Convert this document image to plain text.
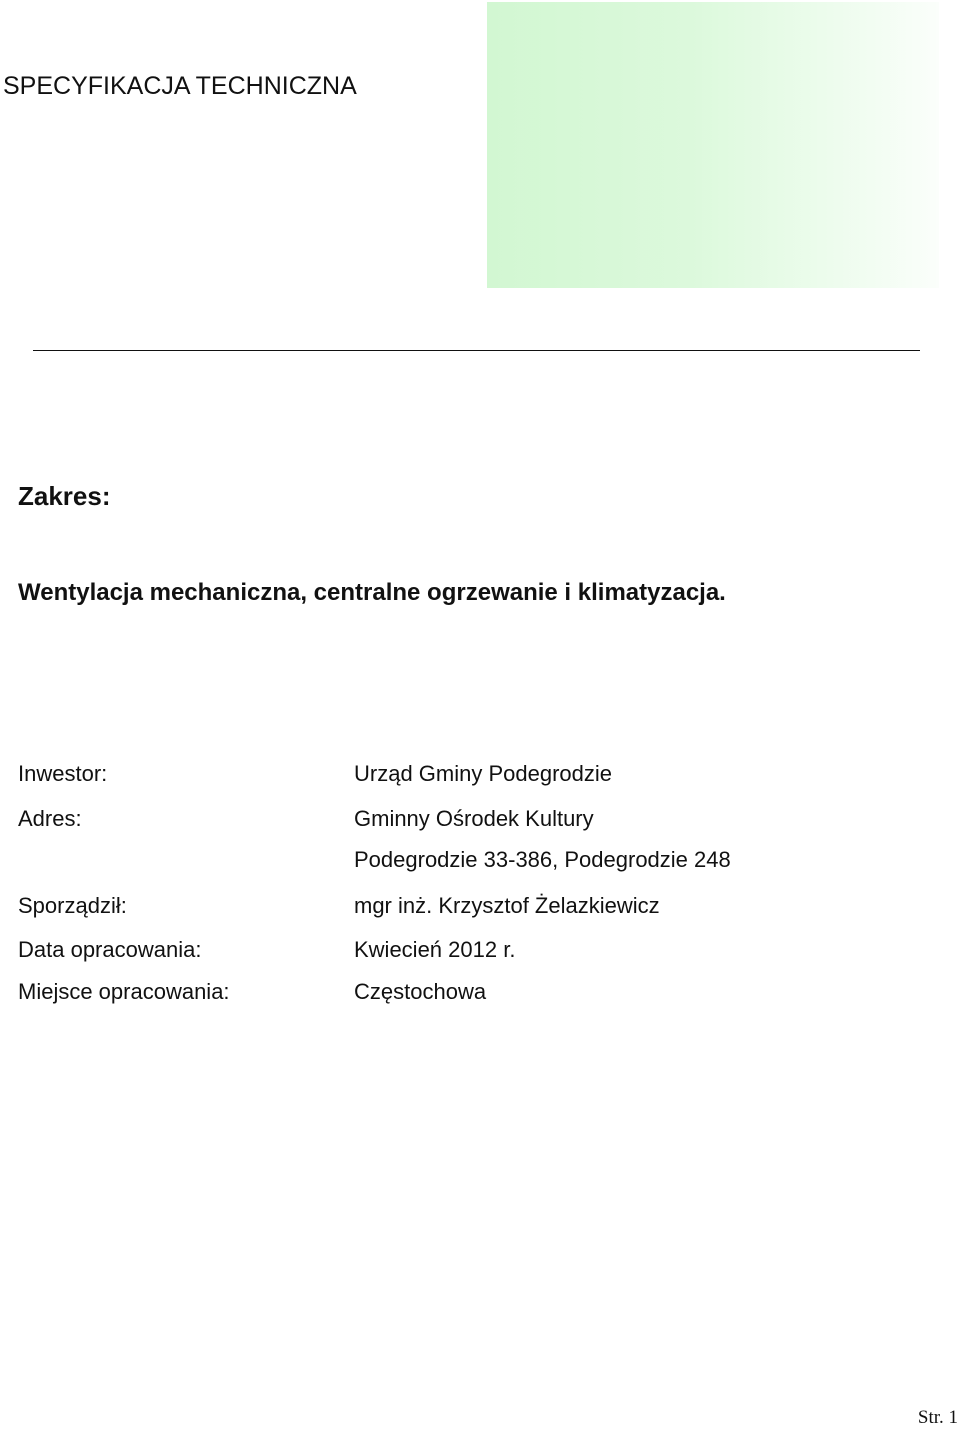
SPECYFIKACJA TECHNICZNA
Zakres:
Wentylacja mechaniczna, centralne ogrzewanie i klimatyzacja.
Inwestor:	Urząd Gminy Podegrodzie
Adres:	Gminny Ośrodek Kultury
Podegrodzie 33-386, Podegrodzie 248
Sporządził:	mgr inż. Krzysztof Żelazkiewicz
Data opracowania:	Kwiecień 2012 r.
Miejsce opracowania:	Częstochowa
Str. 1
